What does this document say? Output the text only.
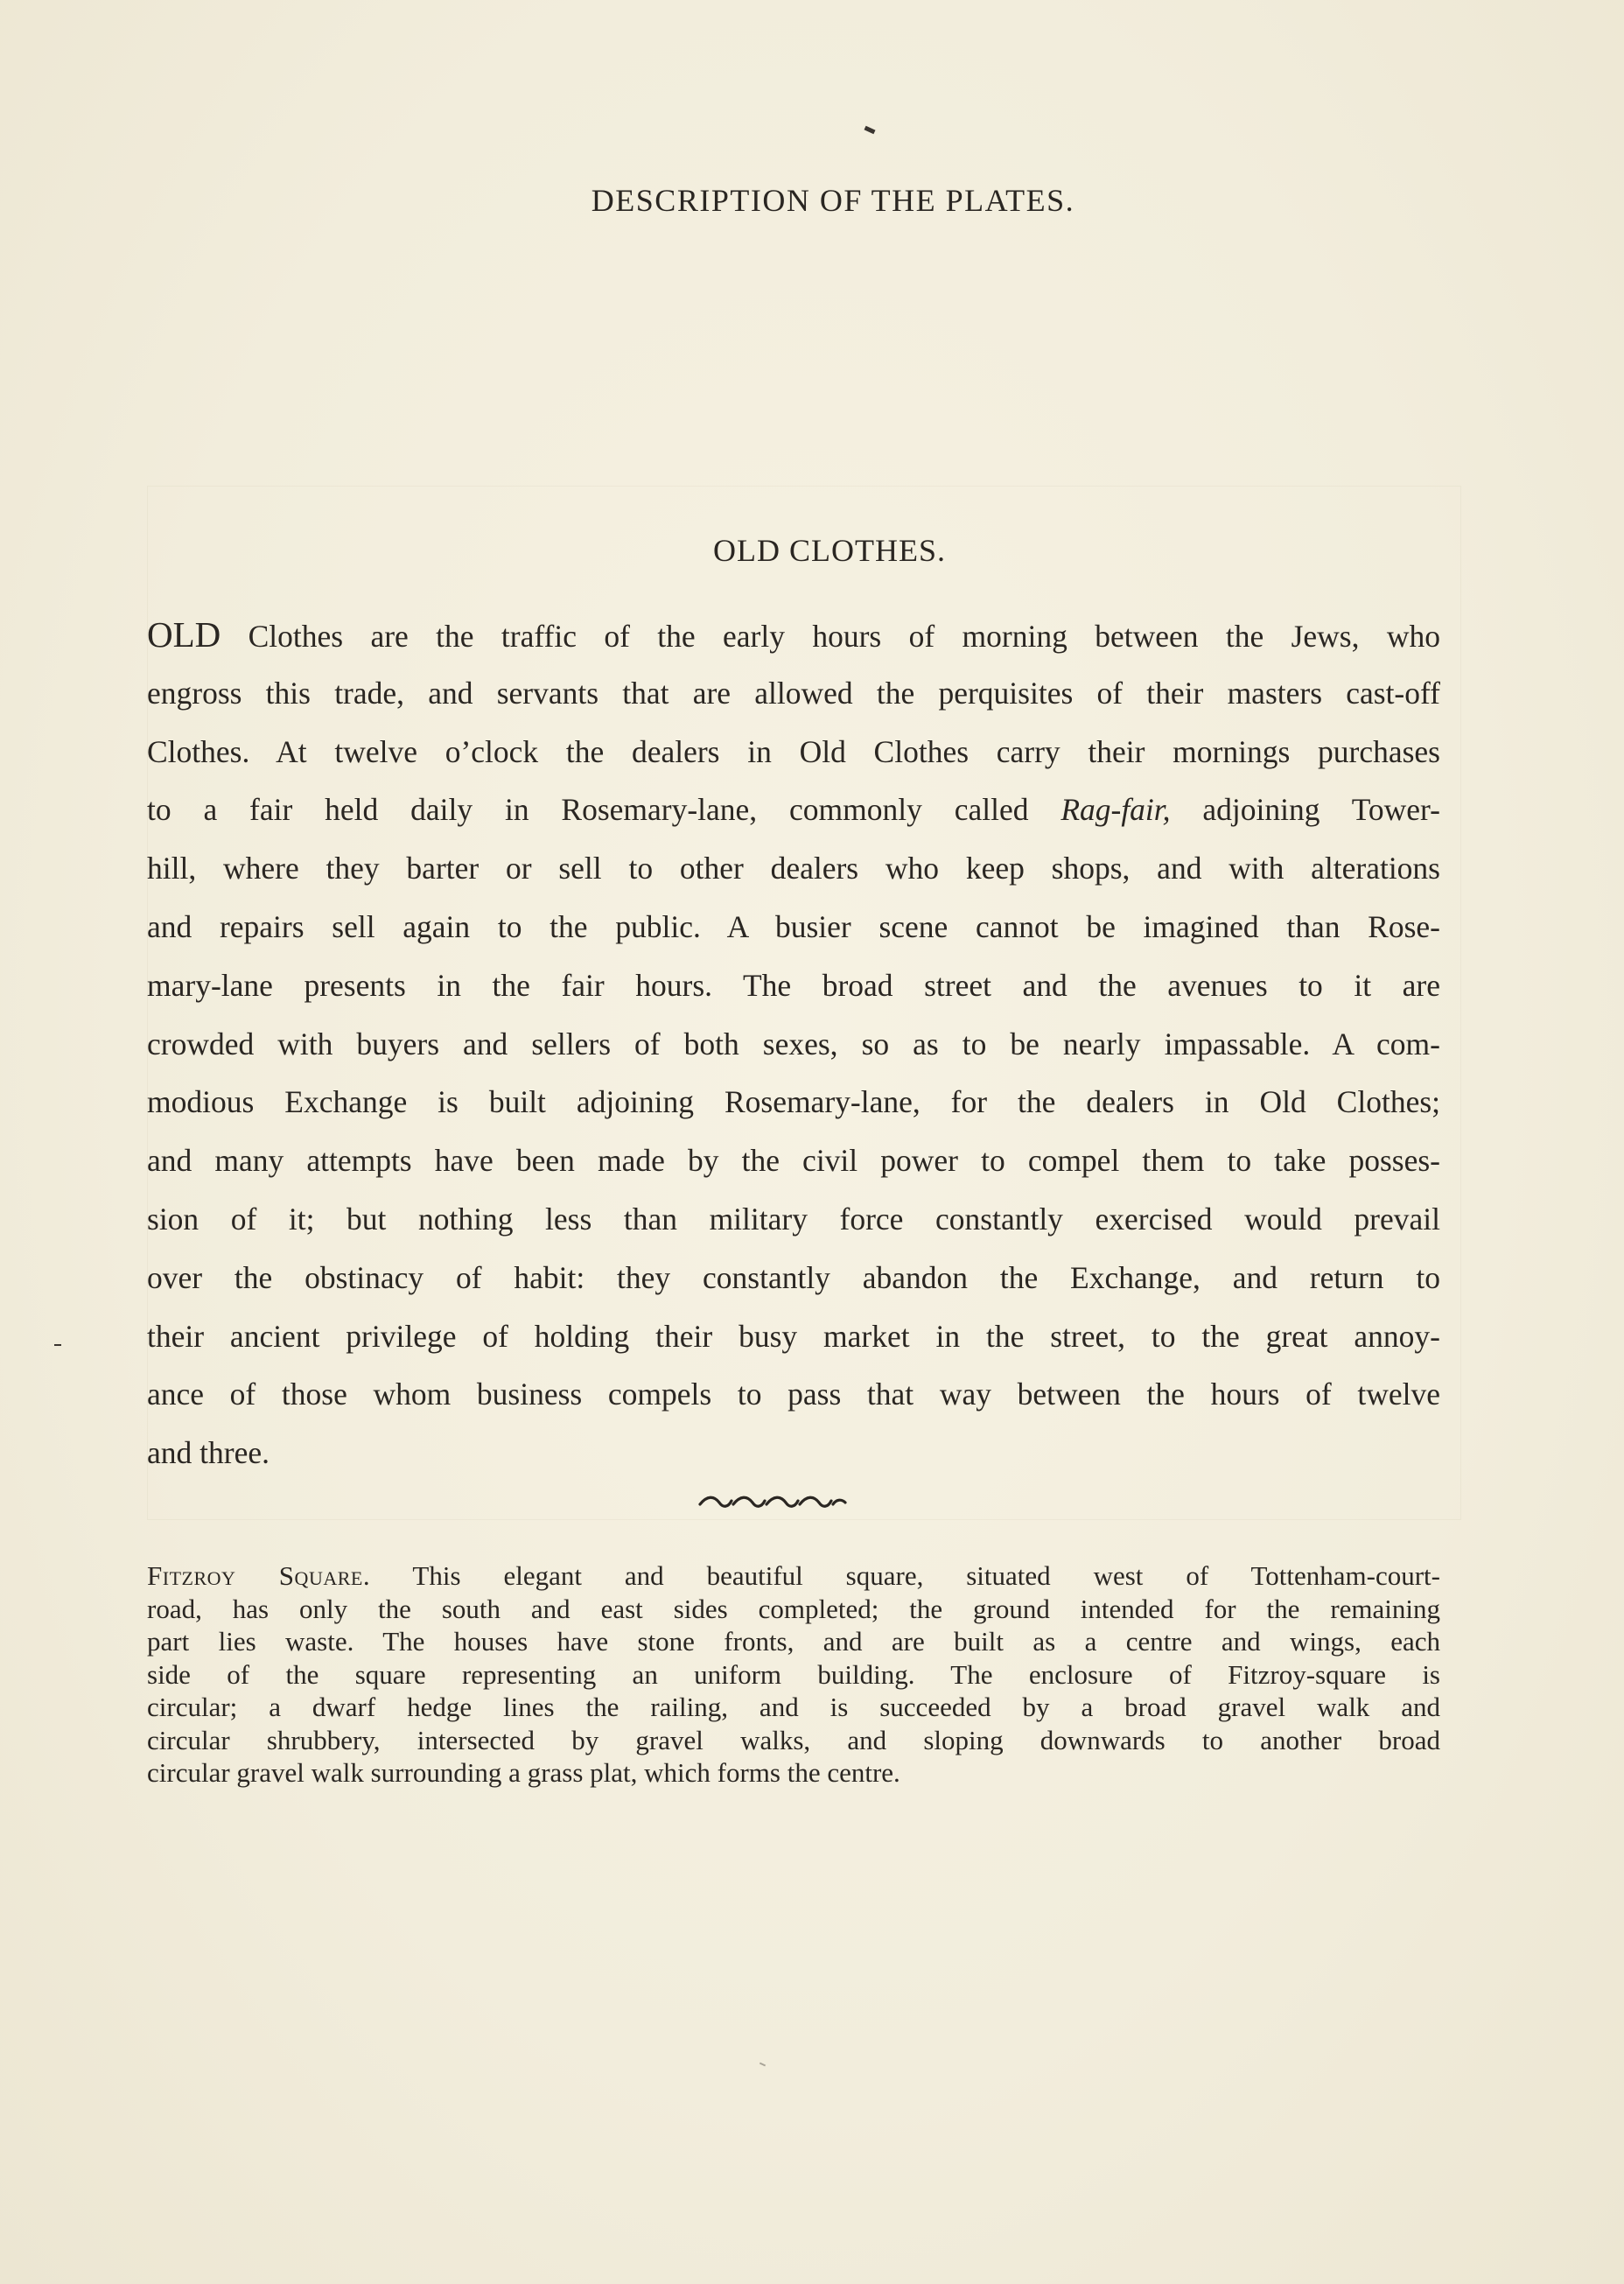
DESCRIPTION OF THE PLATES.
OLD CLOTHES.
OLD Clothes are the traffic of the early hours of morning between the Jews, who
engross this trade, and servants that are allowed the perquisites of their masters cast-off
Clothes. At twelve o’clock the dealers in Old Clothes carry their mornings purchases
to a fair held daily in Rosemary-lane, commonly called Rag-fair, adjoining Tower-
hill, where they barter or sell to other dealers who keep shops, and with alterations
and repairs sell again to the public. A busier scene cannot be imagined than Rose-
mary-lane presents in the fair hours. The broad street and the avenues to it are
crowded with buyers and sellers of both sexes, so as to be nearly impassable. A com-
modious Exchange is built adjoining Rosemary-lane, for the dealers in Old Clothes;
and many attempts have been made by the civil power to compel them to take posses-
sion of it; but nothing less than military force constantly exercised would prevail
over the obstinacy of habit: they constantly abandon the Exchange, and return to
their ancient privilege of holding their busy market in the street, to the great annoy-
ance of those whom business compels to pass that way between the hours of twelve
and three.
Fitzroy Square. This elegant and beautiful square, situated west of Tottenham-court-
road, has only the south and east sides completed; the ground intended for the remaining
part lies waste. The houses have stone fronts, and are built as a centre and wings, each
side of the square representing an uniform building. The enclosure of Fitzroy-square is
circular; a dwarf hedge lines the railing, and is succeeded by a broad gravel walk and
circular shrubbery, intersected by gravel walks, and sloping downwards to another broad
circular gravel walk surrounding a grass plat, which forms the centre.
